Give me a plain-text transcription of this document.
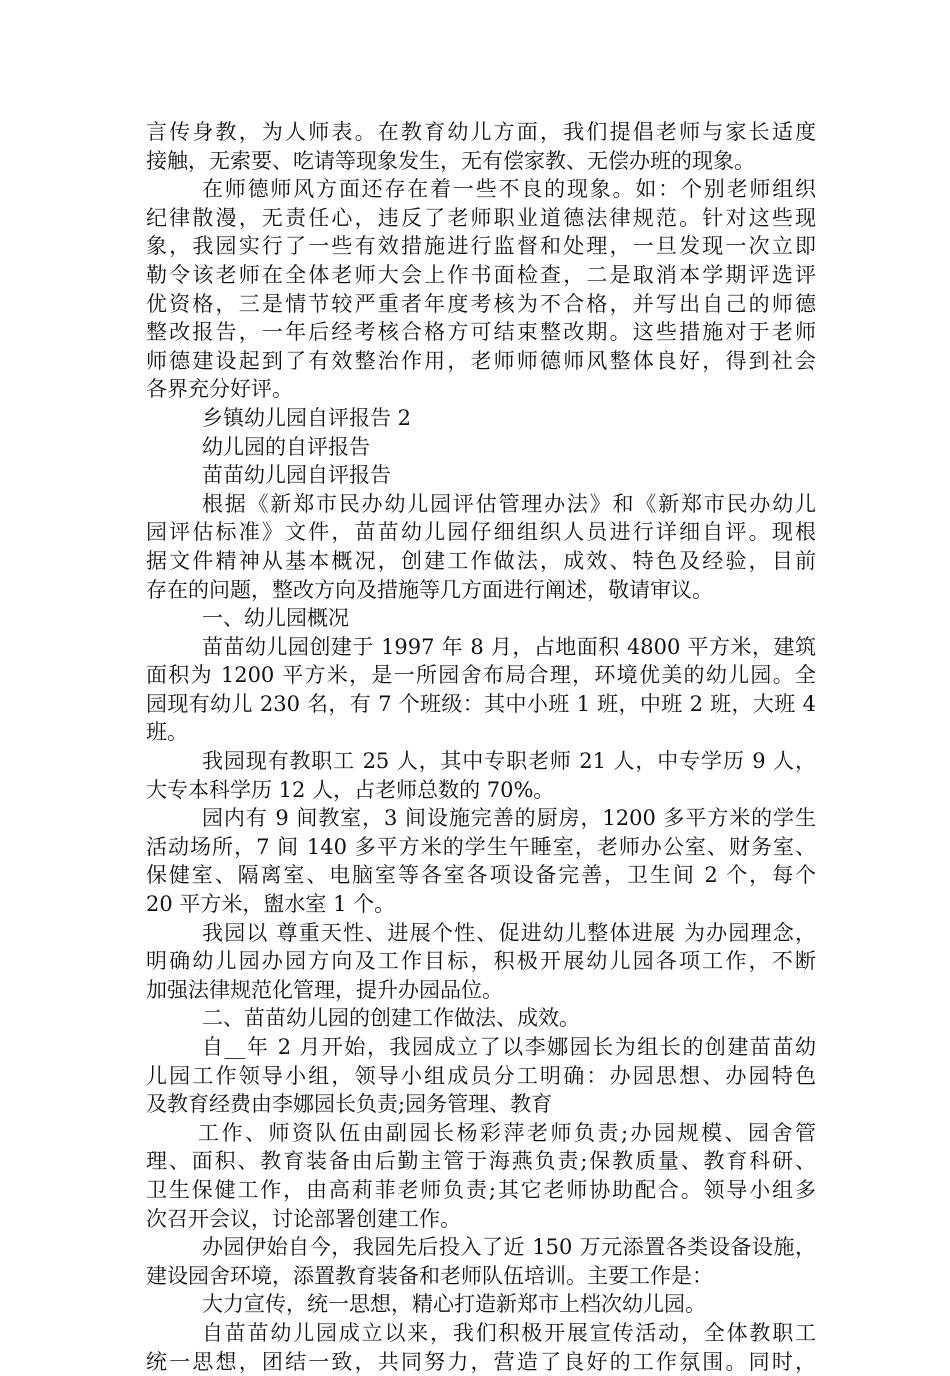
言传身教，为人师表。在教育幼儿方面，我们提倡老师与家长适度
接触，无索要、吃请等现象发生，无有偿家教、无偿办班的现象。
在师德师风方面还存在着一些不良的现象。如：个别老师组织
纪律散漫，无责任心，违反了老师职业道德法律规范。针对这些现
象，我园实行了一些有效措施进行监督和处理，一旦发现一次立即
勒令该老师在全体老师大会上作书面检查，二是取消本学期评选评
优资格，三是情节较严重者年度考核为不合格，并写出自己的师德
整改报告，一年后经考核合格方可结束整改期。这些措施对于老师
师德建设起到了有效整治作用，老师师德师风整体良好，得到社会
各界充分好评。
乡镇幼儿园自评报告 2
幼儿园的自评报告
苗苗幼儿园自评报告
根据《新郑市民办幼儿园评估管理办法》和《新郑市民办幼儿
园评估标准》文件，苗苗幼儿园仔细组织人员进行详细自评。现根
据文件精神从基本概况，创建工作做法，成效、特色及经验，目前
存在的问题，整改方向及措施等几方面进行阐述，敬请审议。
一、幼儿园概况
苗苗幼儿园创建于 1997 年 8 月，占地面积 4800 平方米，建筑
面积为 1200 平方米，是一所园舍布局合理，环境优美的幼儿园。全
园现有幼儿 230 名，有 7 个班级：其中小班 1 班，中班 2 班，大班 4
班。
我园现有教职工 25 人，其中专职老师 21 人，中专学历 9 人，
大专本科学历 12 人，占老师总数的 70%。
园内有 9 间教室，3 间设施完善的厨房，1200 多平方米的学生
活动场所，7 间 140 多平方米的学生午睡室，老师办公室、财务室、
保健室、隔离室、电脑室等各室各项设备完善，卫生间 2 个，每个
20 平方米，盥水室 1 个。
我园以 尊重天性、进展个性、促进幼儿整体进展 为办园理念，
明确幼儿园办园方向及工作目标，积极开展幼儿园各项工作，不断
加强法律规范化管理，提升办园品位。
二、苗苗幼儿园的创建工作做法、成效。
自__年 2 月开始，我园成立了以李娜园长为组长的创建苗苗幼
儿园工作领导小组，领导小组成员分工明确：办园思想、办园特色
及教育经费由李娜园长负责;园务管理、教育
工作、师资队伍由副园长杨彩萍老师负责;办园规模、园舍管
理、面积、教育装备由后勤主管于海燕负责;保教质量、教育科研、
卫生保健工作，由高莉菲老师负责;其它老师协助配合。领导小组多
次召开会议，讨论部署创建工作。
办园伊始自今，我园先后投入了近 150 万元添置各类设备设施，
建设园舍环境，添置教育装备和老师队伍培训。主要工作是：
大力宣传，统一思想，精心打造新郑市上档次幼儿园。
自苗苗幼儿园成立以来，我们积极开展宣传活动，全体教职工
统一思想，团结一致，共同努力，营造了良好的工作氛围。同时，
